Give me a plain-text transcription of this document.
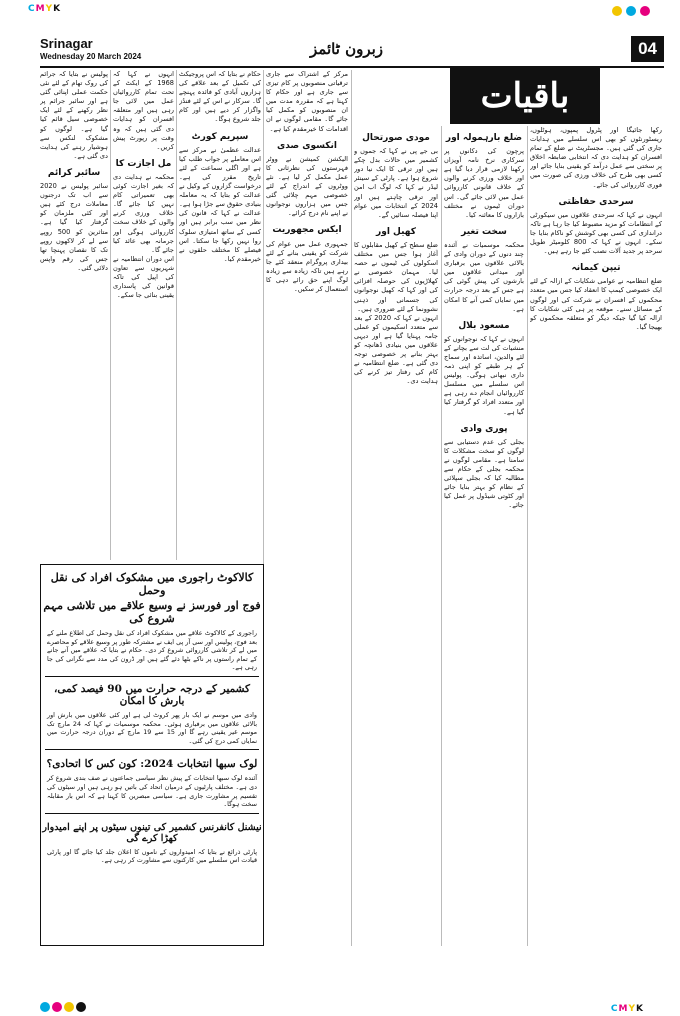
CMYK
CMYK
Srinagar
Wednesday 20 March 2024	زبرون ٹائمز	04
باقیات
رکھا جائیگا اور پٹرول پمپوں، ہوٹلوں، ریسٹورنٹوں کو بھی اس سلسلے میں ہدایات جاری کی گئی ہیں۔ مجسٹریٹ نے ضلع کے تمام افسران کو ہدایت دی کہ انتخابی ضابطہ اخلاق پر سختی سے عمل درآمد کو یقینی بنایا جائے اور کسی بھی طرح کی خلاف ورزی کی صورت میں فوری کارروائی کی جائے۔
سرحدی حفاظتی
انہوں نے کہا کہ سرحدی علاقوں میں سیکورٹی کے انتظامات کو مزید مضبوط کیا جا رہا ہے تاکہ دراندازی کی کسی بھی کوشش کو ناکام بنایا جا سکے۔ انہوں نے کہا کہ 800 کلومیٹر طویل سرحد پر جدید آلات نصب کئے جا رہے ہیں۔
تیپن کیمانہ
ضلع انتظامیہ نے عوامی شکایات کے ازالہ کے لئے ایک خصوصی کیمپ کا انعقاد کیا جس میں متعدد محکموں کے افسران نے شرکت کی اور لوگوں کے مسائل سنے۔ موقعہ پر ہی کئی شکایات کا ازالہ کیا گیا جبکہ دیگر کو متعلقہ محکموں کو بھیجا گیا۔
ضلع بارہمولہ اور
پرچون کی دکانوں پر سرکاری نرخ نامہ آویزاں رکھنا لازمی قرار دیا گیا ہے اور خلاف ورزی کرنے والوں کے خلاف قانونی کارروائی عمل میں لائی جائے گی۔ اس دوران ٹیموں نے مختلف بازاروں کا معائنہ کیا۔
سخت تغیر
محکمہ موسمیات نے آئندہ چند دنوں کے دوران وادی کے بالائی علاقوں میں برفباری اور میدانی علاقوں میں بارشوں کی پیش گوئی کی ہے جس کے بعد درجہ حرارت میں نمایاں کمی آنے کا امکان ہے۔
مسعود بلال
انہوں نے کہا کہ نوجوانوں کو منشیات کی لت سے بچانے کے لئے والدین، اساتذہ اور سماج کے ہر طبقے کو اپنی ذمہ داری نبھانی ہوگی۔ پولیس اس سلسلے میں مسلسل کارروائیاں انجام دے رہی ہے اور متعدد افراد کو گرفتار کیا گیا ہے۔
پوری وادی
بجلی کی عدم دستیابی سے لوگوں کو سخت مشکلات کا سامنا ہے۔ مقامی لوگوں نے محکمہ بجلی کے حکام سے مطالبہ کیا کہ بجلی سپلائی کے نظام کو بہتر بنایا جائے اور کٹوتی شیڈول پر عمل کیا جائے۔
مودی صورتحال
بی جے پی نے کہا کہ جموں و کشمیر میں حالات بدل چکے ہیں اور ترقی کا ایک نیا دور شروع ہوا ہے۔ پارٹی کے سینئر لیڈر نے کہا کہ لوگ اب امن اور ترقی چاہتے ہیں اور 2024 کے انتخابات میں عوام اپنا فیصلہ سنائیں گے۔
کھیل اور
ضلع سطح کے کھیل مقابلوں کا آغاز ہوا جس میں مختلف اسکولوں کی ٹیموں نے حصہ لیا۔ مہمان خصوصی نے کھلاڑیوں کی حوصلہ افزائی کی اور کہا کہ کھیل نوجوانوں کی جسمانی اور ذہنی نشوونما کے لئے ضروری ہیں۔
انہوں نے کہا کہ 2020 کے بعد سے متعدد اسکیموں کو عملی جامہ پہنایا گیا ہے اور دیہی علاقوں میں بنیادی ڈھانچہ کو بہتر بنانے پر خصوصی توجہ دی گئی ہے۔ ضلع انتظامیہ نے کام کی رفتار تیز کرنے کی ہدایت دی۔
مرکز کے اشتراک سے جاری ترقیاتی منصوبوں پر کام تیزی سے جاری ہے اور حکام کا کہنا ہے کہ مقررہ مدت میں ان منصوبوں کو مکمل کیا جائے گا۔ مقامی لوگوں نے ان اقدامات کا خیرمقدم کیا ہے۔
انکسوی صدی
الیکشن کمیشن نے ووٹر فہرستوں کی نظرثانی کا عمل مکمل کر لیا ہے۔ نئے ووٹروں کے اندراج کے لئے خصوصی مہم چلائی گئی جس میں ہزاروں نوجوانوں نے اپنے نام درج کرائے۔
ایکس مجھوریت
جمہوری عمل میں عوام کی شرکت کو یقینی بنانے کے لئے بیداری پروگرام منعقد کئے جا رہے ہیں تاکہ زیادہ سے زیادہ لوگ اپنے حق رائے دہی کا استعمال کر سکیں۔
حکام نے بتایا کہ اس پروجیکٹ کی تکمیل کے بعد علاقے کی ہزاروں آبادی کو فائدہ پہنچے گا۔ سرکار نے اس کے لئے فنڈز واگزار کر دیے ہیں اور کام جلد شروع ہوگا۔
سپریم کورٹ
عدالت عظمیٰ نے مرکز سے اس معاملے پر جواب طلب کیا ہے اور اگلی سماعت کے لئے تاریخ مقرر کی ہے۔ درخواست گزاروں کے وکیل نے عدالت کو بتایا کہ یہ معاملہ بنیادی حقوق سے جڑا ہوا ہے۔
عدالت نے کہا کہ قانون کی نظر میں سب برابر ہیں اور کسی کے ساتھ امتیازی سلوک روا نہیں رکھا جا سکتا۔ اس فیصلے کا مختلف حلقوں نے خیرمقدم کیا۔
انہوں نے کہا کہ 1968 کے ایکٹ کے تحت تمام کارروائیاں عمل میں لائی جا رہی ہیں اور متعلقہ افسران کو ہدایات دی گئی ہیں کہ وہ وقت پر رپورٹ پیش کریں۔
مل اجازت کا
محکمہ نے ہدایت دی کہ بغیر اجازت کوئی بھی تعمیراتی کام نہیں کیا جائے گا۔ خلاف ورزی کرنے والوں کے خلاف سخت کارروائی ہوگی اور جرمانہ بھی عائد کیا جائے گا۔
اس دوران انتظامیہ نے شہریوں سے تعاون کی اپیل کی تاکہ قوانین کی پاسداری یقینی بنائی جا سکے۔
پولیس نے بتایا کہ جرائم کی روک تھام کے لئے نئی حکمت عملی اپنائی گئی ہے اور سائبر جرائم پر نظر رکھنے کے لئے ایک خصوصی سیل قائم کیا گیا ہے۔ لوگوں کو مشکوک لنکس سے ہوشیار رہنے کی ہدایت دی گئی ہے۔
سائبر کرائم
سائبر پولیس نے 2020 سے اب تک درجنوں معاملات درج کئے ہیں اور کئی ملزمان کو گرفتار کیا گیا ہے۔ متاثرین کو 500 روپے سے لے کر لاکھوں روپے تک کا نقصان پہنچا تھا جس کی رقم واپس دلائی گئی۔
کالاکوٹ راجوری میں مشکوک افراد کی نقل وحمل
فوج اور فورسز نے وسیع علاقے میں تلاشی مہم شروع کی
راجوری کے کالاکوٹ علاقے میں مشکوک افراد کی نقل وحمل کی اطلاع ملنے کے بعد فوج، پولیس اور سی آر پی ایف نے مشترکہ طور پر وسیع علاقے کو محاصرے میں لے کر تلاشی کارروائی شروع کر دی۔ حکام نے بتایا کہ علاقے میں آنے جانے کے تمام راستوں پر ناکے بٹھا دئے گئے ہیں اور ڈرون کی مدد سے نگرانی کی جا رہی ہے۔
کشمیر کے درجہ حرارت میں 90 فیصد کمی، بارش کا امکان
وادی میں موسم نے ایک بار پھر کروٹ لی ہے اور کئی علاقوں میں بارش اور بالائی علاقوں میں برفباری ہوئی۔ محکمہ موسمیات نے کہا کہ 24 مارچ تک موسم غیر یقینی رہے گا اور 15 سے 19 مارچ کے دوران درجہ حرارت میں نمایاں کمی درج کی گئی۔
لوک سبھا انتخابات 2024: کون کس کا اتحادی؟
آئندہ لوک سبھا انتخابات کے پیش نظر سیاسی جماعتوں نے صف بندی شروع کر دی ہے۔ مختلف پارٹیوں کے درمیان اتحاد کی باتیں ہو رہی ہیں اور سیٹوں کی تقسیم پر مشاورت جاری ہے۔ سیاسی مبصرین کا کہنا ہے کہ اس بار مقابلہ سخت ہوگا۔
نیشنل کانفرنس کشمیر کی تینوں سیٹوں پر اپنے امیدوار کھڑا کرے گی
پارٹی ذرائع نے بتایا کہ امیدواروں کے ناموں کا اعلان جلد کیا جائے گا اور پارٹی قیادت اس سلسلے میں کارکنوں سے مشاورت کر رہی ہے۔
